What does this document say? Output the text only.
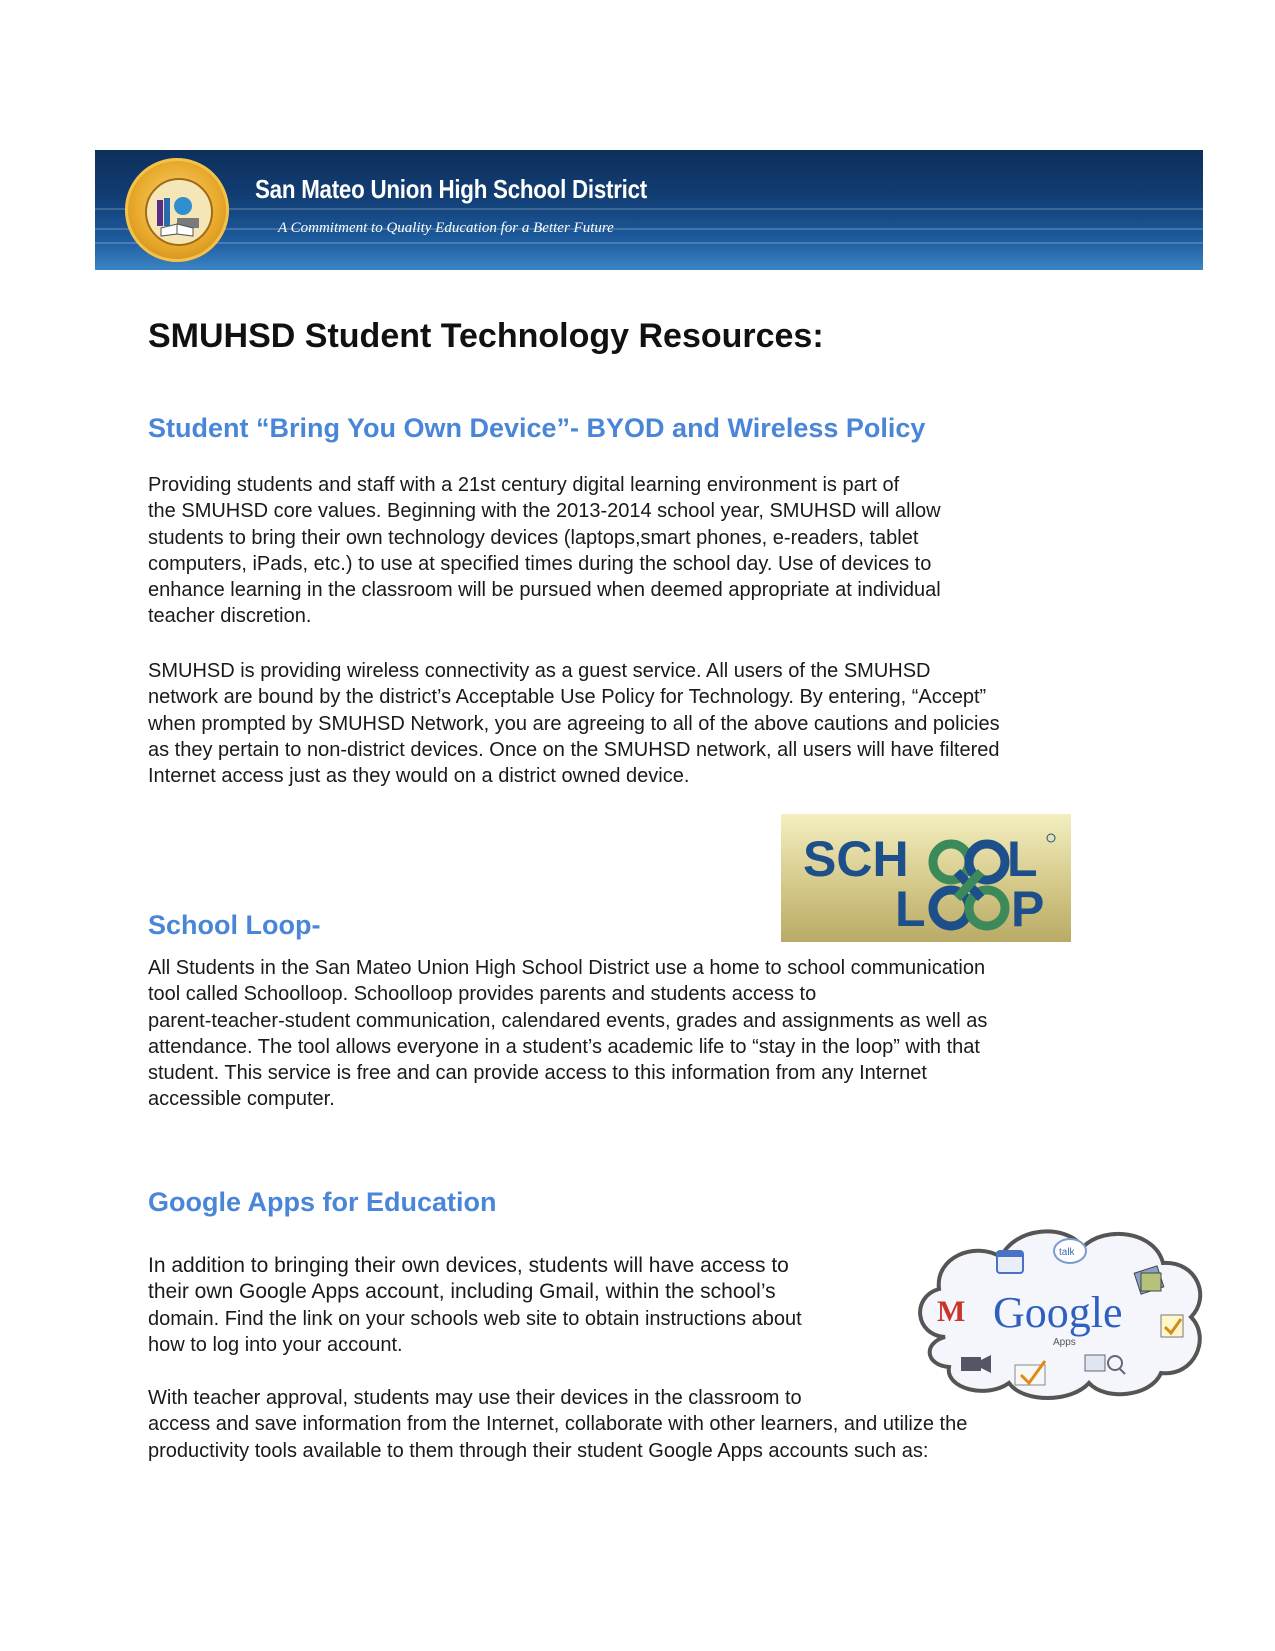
San Mateo Union High School District
A Commitment to Quality Education for a Better Future
SMUHSD Student Technology Resources:
Student “Bring You Own Device”- BYOD and Wireless Policy

Providing students and staff with a 21st century digital learning environment is part of
the SMUHSD core values. Beginning with the 2013-2014 school year, SMUHSD will allow
students to bring their own technology devices (laptops,smart phones, e-readers, tablet
computers, iPads, etc.) to use at specified times during the school day. Use of devices to
enhance learning in the classroom will be pursued when deemed appropriate at individual
teacher discretion.

SMUHSD is providing wireless connectivity as a guest service. All users of the SMUHSD
network are bound by the district’s Acceptable Use Policy for Technology. By entering, “Accept”
when prompted by SMUHSD Network, you are agreeing to all of the above cautions and policies
as they pertain to non-district devices. Once on the SMUHSD network, all users will have filtered
Internet access just as they would on a district owned device.

SCH L
L P
School Loop-

All Students in the San Mateo Union High School District use a home to school communication
tool called Schoolloop. Schoolloop provides parents and students access to
parent-teacher-student communication, calendared events, grades and assignments as well as
attendance. The tool allows everyone in a student’s academic life to “stay in the loop” with that
student. This service is free and can provide access to this information from any Internet
accessible computer.

Google Apps for Education

In addition to bringing their own devices, students will have access to
their own Google Apps account, including Gmail, within the school’s
domain. Find the link on your schools web site to obtain instructions about
how to log into your account.

With teacher approval, students may use their devices in the classroom to
access and save information from the Internet, collaborate with other learners, and utilize the
productivity tools available to them through their student Google Apps accounts such as:

Google
Apps
M
talk
